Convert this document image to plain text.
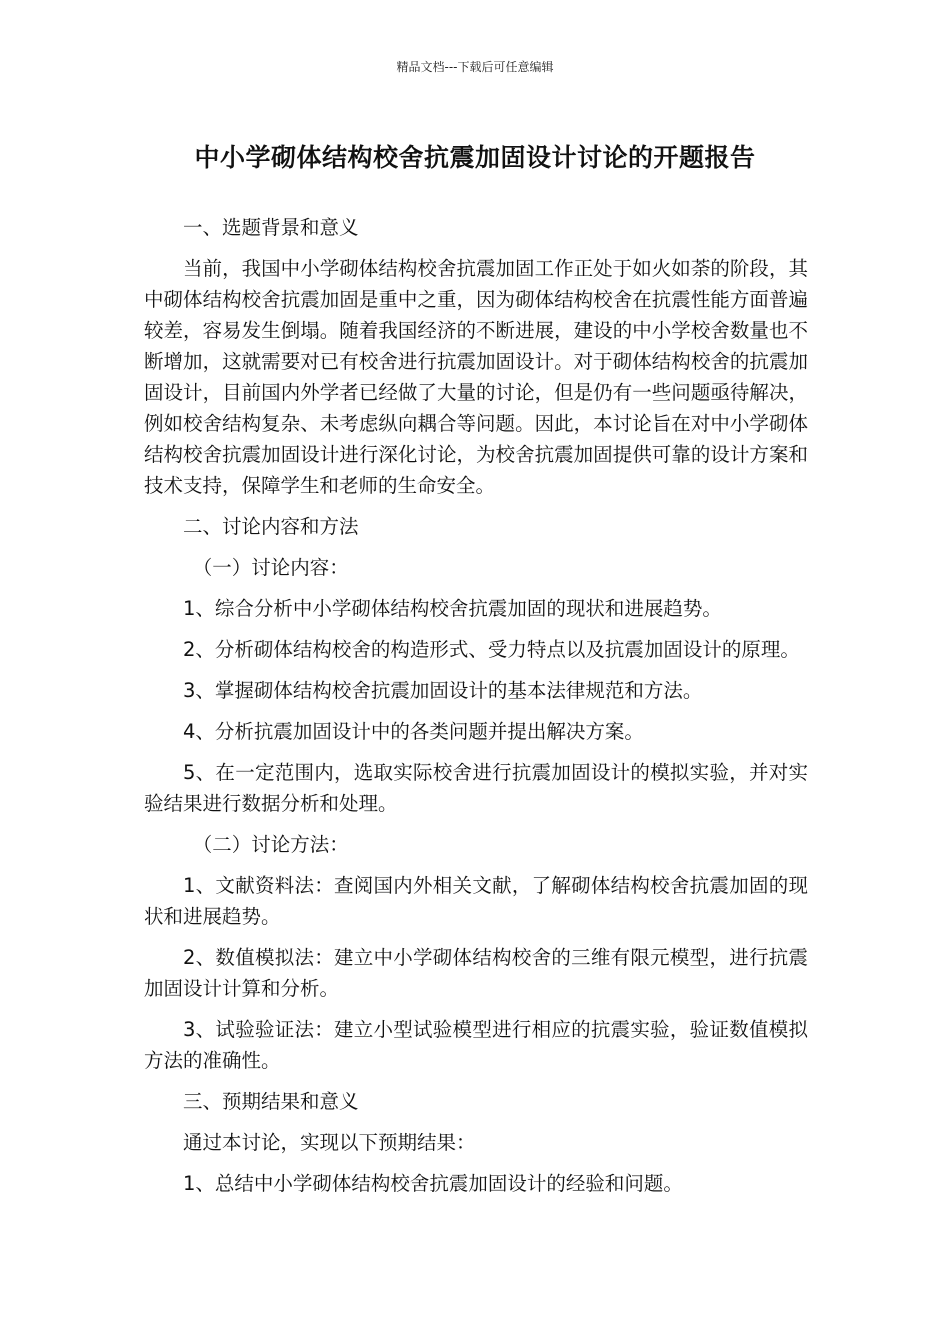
精品文档---下载后可任意编辑
中小学砌体结构校舍抗震加固设计讨论的开题报告

一、选题背景和意义

当前，我国中小学砌体结构校舍抗震加固工作正处于如火如荼的阶段，其中砌体结构校舍抗震加固是重中之重，因为砌体结构校舍在抗震性能方面普遍较差，容易发生倒塌。随着我国经济的不断进展，建设的中小学校舍数量也不断增加，这就需要对已有校舍进行抗震加固设计。对于砌体结构校舍的抗震加固设计，目前国内外学者已经做了大量的讨论，但是仍有一些问题亟待解决，例如校舍结构复杂、未考虑纵向耦合等问题。因此，本讨论旨在对中小学砌体结构校舍抗震加固设计进行深化讨论，为校舍抗震加固提供可靠的设计方案和技术支持，保障学生和老师的生命安全。

二、讨论内容和方法

（一）讨论内容：

1、综合分析中小学砌体结构校舍抗震加固的现状和进展趋势。

2、分析砌体结构校舍的构造形式、受力特点以及抗震加固设计的原理。

3、掌握砌体结构校舍抗震加固设计的基本法律规范和方法。

4、分析抗震加固设计中的各类问题并提出解决方案。

5、在一定范围内，选取实际校舍进行抗震加固设计的模拟实验，并对实验结果进行数据分析和处理。

（二）讨论方法：

1、文献资料法：查阅国内外相关文献，了解砌体结构校舍抗震加固的现状和进展趋势。

2、数值模拟法：建立中小学砌体结构校舍的三维有限元模型，进行抗震加固设计计算和分析。

3、试验验证法：建立小型试验模型进行相应的抗震实验，验证数值模拟方法的准确性。

三、预期结果和意义

通过本讨论，实现以下预期结果：

1、总结中小学砌体结构校舍抗震加固设计的经验和问题。
